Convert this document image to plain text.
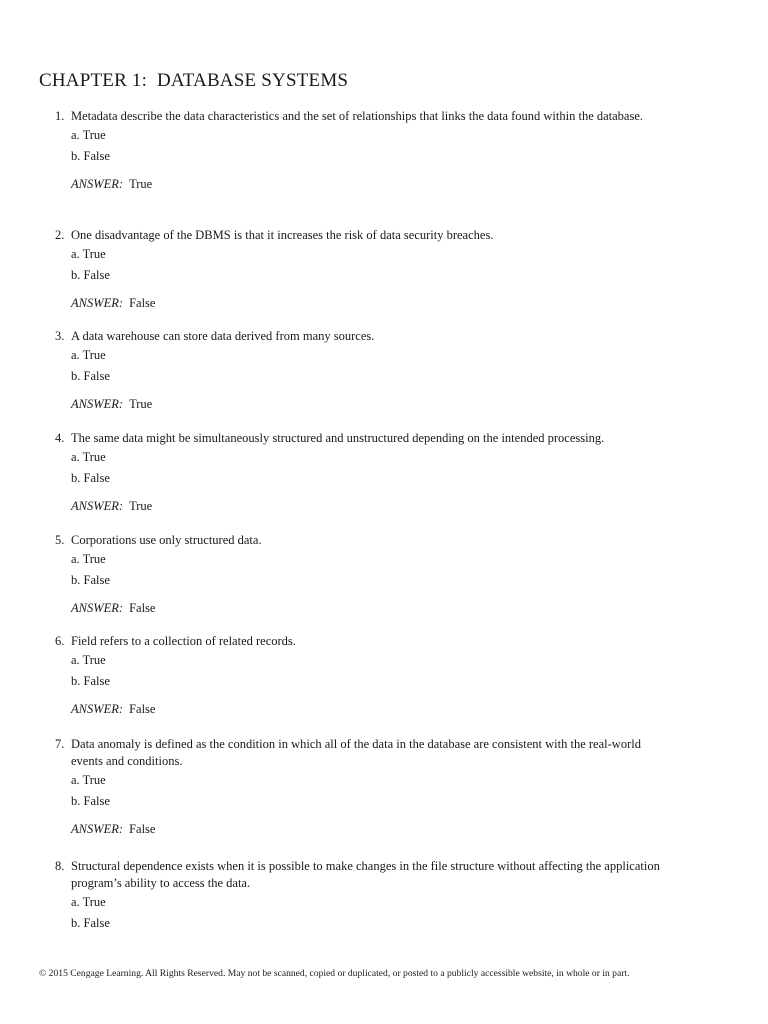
CHAPTER 1:  DATABASE SYSTEMS
1. Metadata describe the data characteristics and the set of relationships that links the data found within the database.
a. True
b. False
ANSWER: True
2. One disadvantage of the DBMS is that it increases the risk of data security breaches.
a. True
b. False
ANSWER: False
3. A data warehouse can store data derived from many sources.
a. True
b. False
ANSWER: True
4. The same data might be simultaneously structured and unstructured depending on the intended processing.
a. True
b. False
ANSWER: True
5. Corporations use only structured data.
a. True
b. False
ANSWER: False
6. Field refers to a collection of related records.
a. True
b. False
ANSWER: False
7. Data anomaly is defined as the condition in which all of the data in the database are consistent with the real-world events and conditions.
a. True
b. False
ANSWER: False
8. Structural dependence exists when it is possible to make changes in the file structure without affecting the application program’s ability to access the data.
a. True
b. False
© 2015 Cengage Learning. All Rights Reserved. May not be scanned, copied or duplicated, or posted to a publicly accessible website, in whole or in part.
